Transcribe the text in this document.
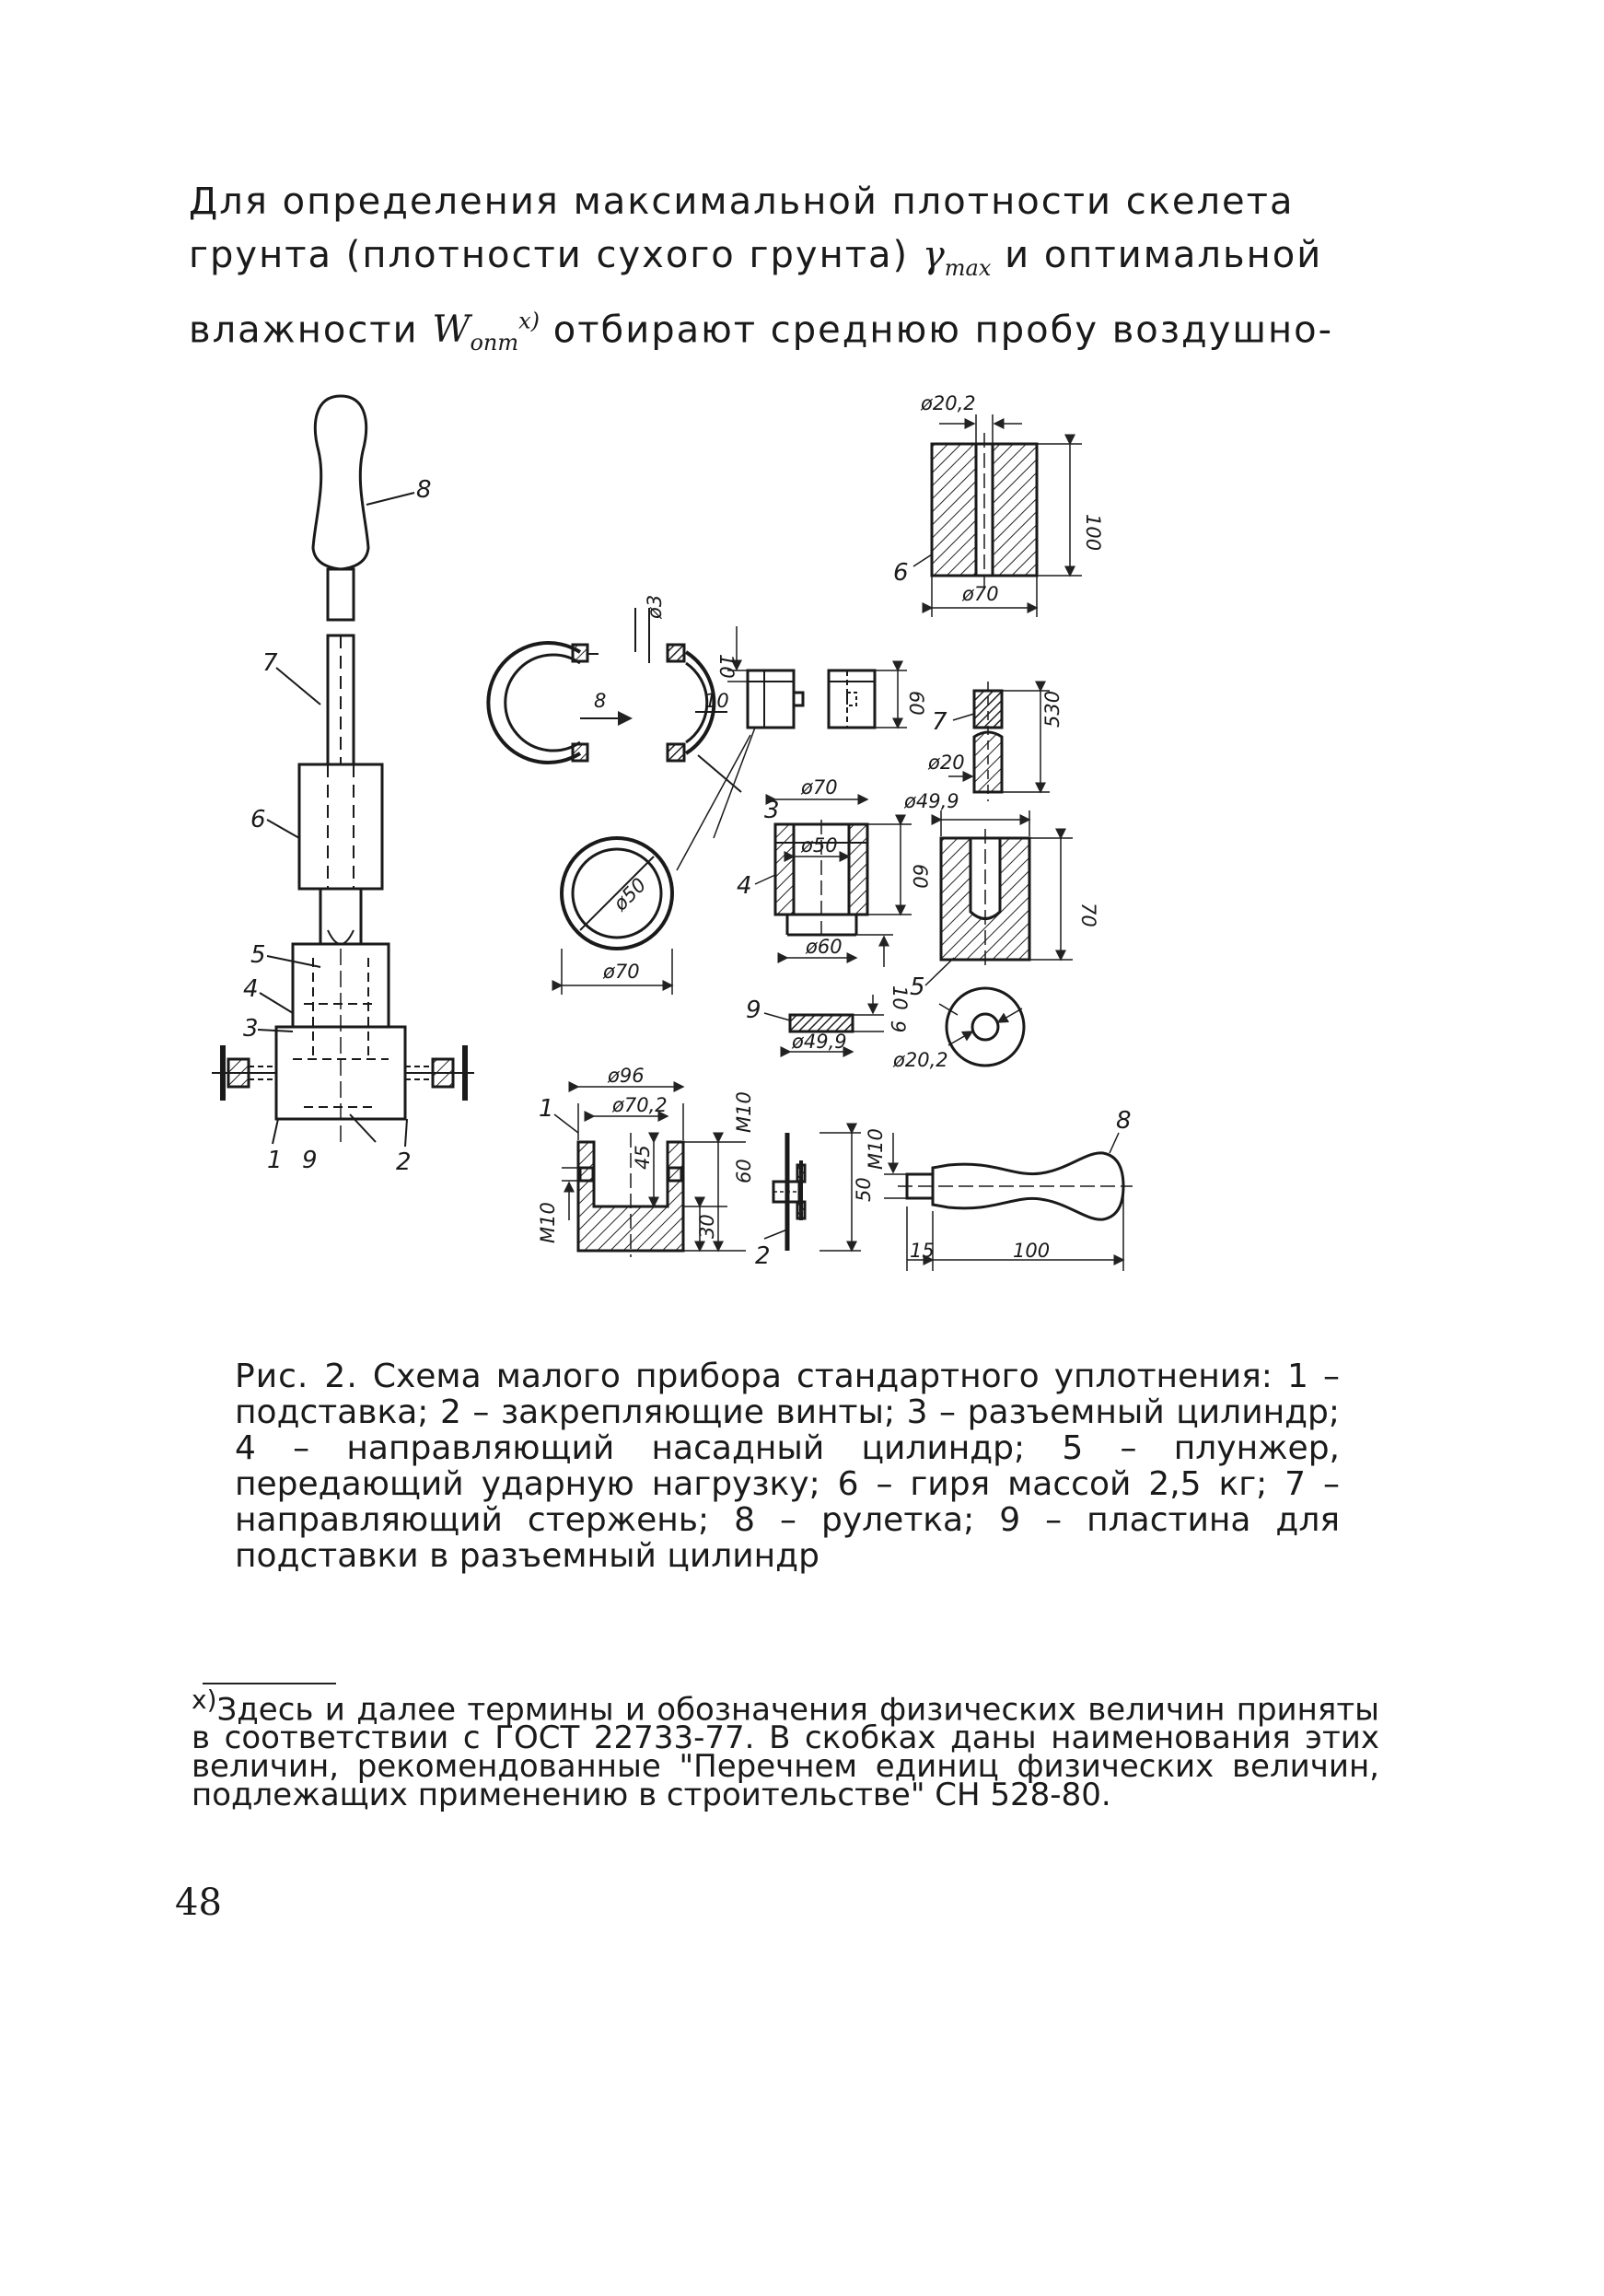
Для определения максимальной плотности скелета
грунта (плотности сухого грунта) $\gamma_{max}$ и оптимальной
влажности $W_{опт}^{x)}$ отбирают среднюю пробу воздушно-
8
7
6
5
4
3
1 9	2
3
4
9
1
2
6
7
5
8
ø20,2
100
ø70
530
ø20
ø49,9
70
ø20,2
ø3
8	10
10
60
ø50
ø70
ø70
ø50
60
ø60
10
9
ø49,9
ø96
ø70,2
45
M10
60
30
M10
50
M10
15	100
Рис. 2. Схема малого прибора стандартного уплотнения: 1 – подставка; 2 – закрепляющие винты; 3 – разъемный цилиндр; 4 – направляющий насадный цилиндр; 5 – плунжер, передающий ударную нагрузку; 6 – гиря массой 2,5 кг; 7 – направляющий стержень; 8 – рулетка; 9 – пластина для подставки в разъемный цилиндр
$^{x)}$Здесь и далее термины и обозначения физических величин приняты в соответствии с ГОСТ 22733-77. В скобках даны наименования этих величин, рекомендованные "Перечнем единиц физических величин, подлежащих применению в строительстве" СН 528-80.
48
